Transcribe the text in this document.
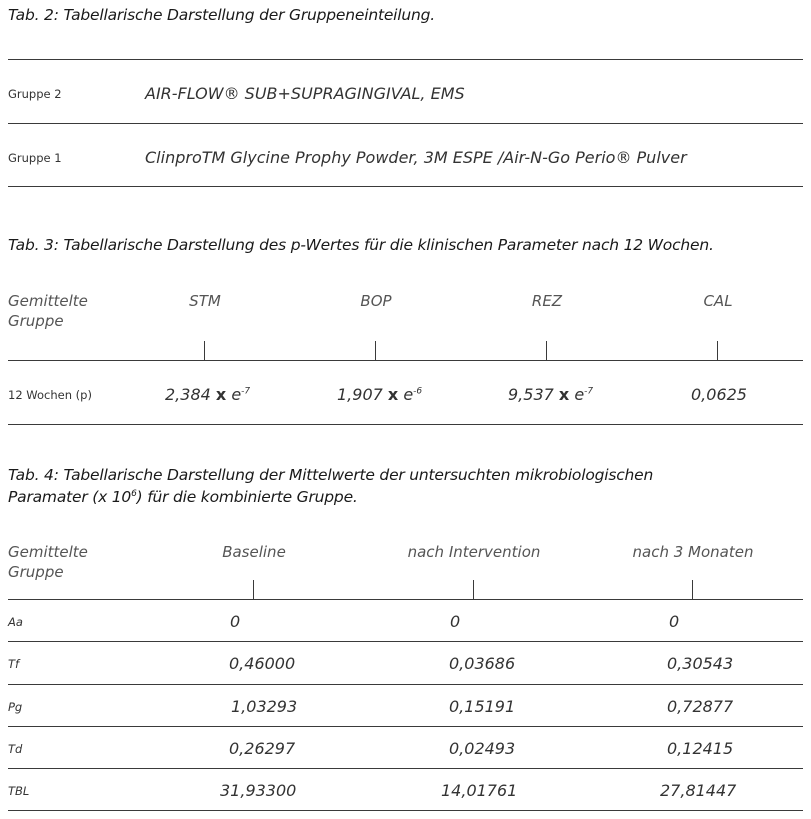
Tab. 2: Tabellarische Darstellung der Gruppeneinteilung.
Gruppe 2	AIR-FLOW® SUB+SUPRAGINGIVAL, EMS
Gruppe 1	ClinproTM Glycine Prophy Powder, 3M ESPE /Air-N-Go Perio® Pulver
Tab. 3: Tabellarische Darstellung des p-Wertes für die klinischen Parameter nach 12 Wochen.
Gemittelte
Gruppe
STM	BOP	REZ	CAL
12 Wochen (p)	2,384 x $e^{-7}$	1,907 x $e^{-6}$	9,537 x $e^{-7}$	0,0625
Tab. 4: Tabellarische Darstellung der Mittelwerte der untersuchten mikrobiologischen
Paramater (x $10^6$) für die kombinierte Gruppe.
Gemittelte
Gruppe
Baseline	nach Intervention	nach 3 Monaten
Aa	0	0	0
Tf	0,46000	0,03686	0,30543
Pg	1,03293	0,15191	0,72877
Td	0,26297	0,02493	0,12415
TBL	31,93300	14,01761	27,81447
